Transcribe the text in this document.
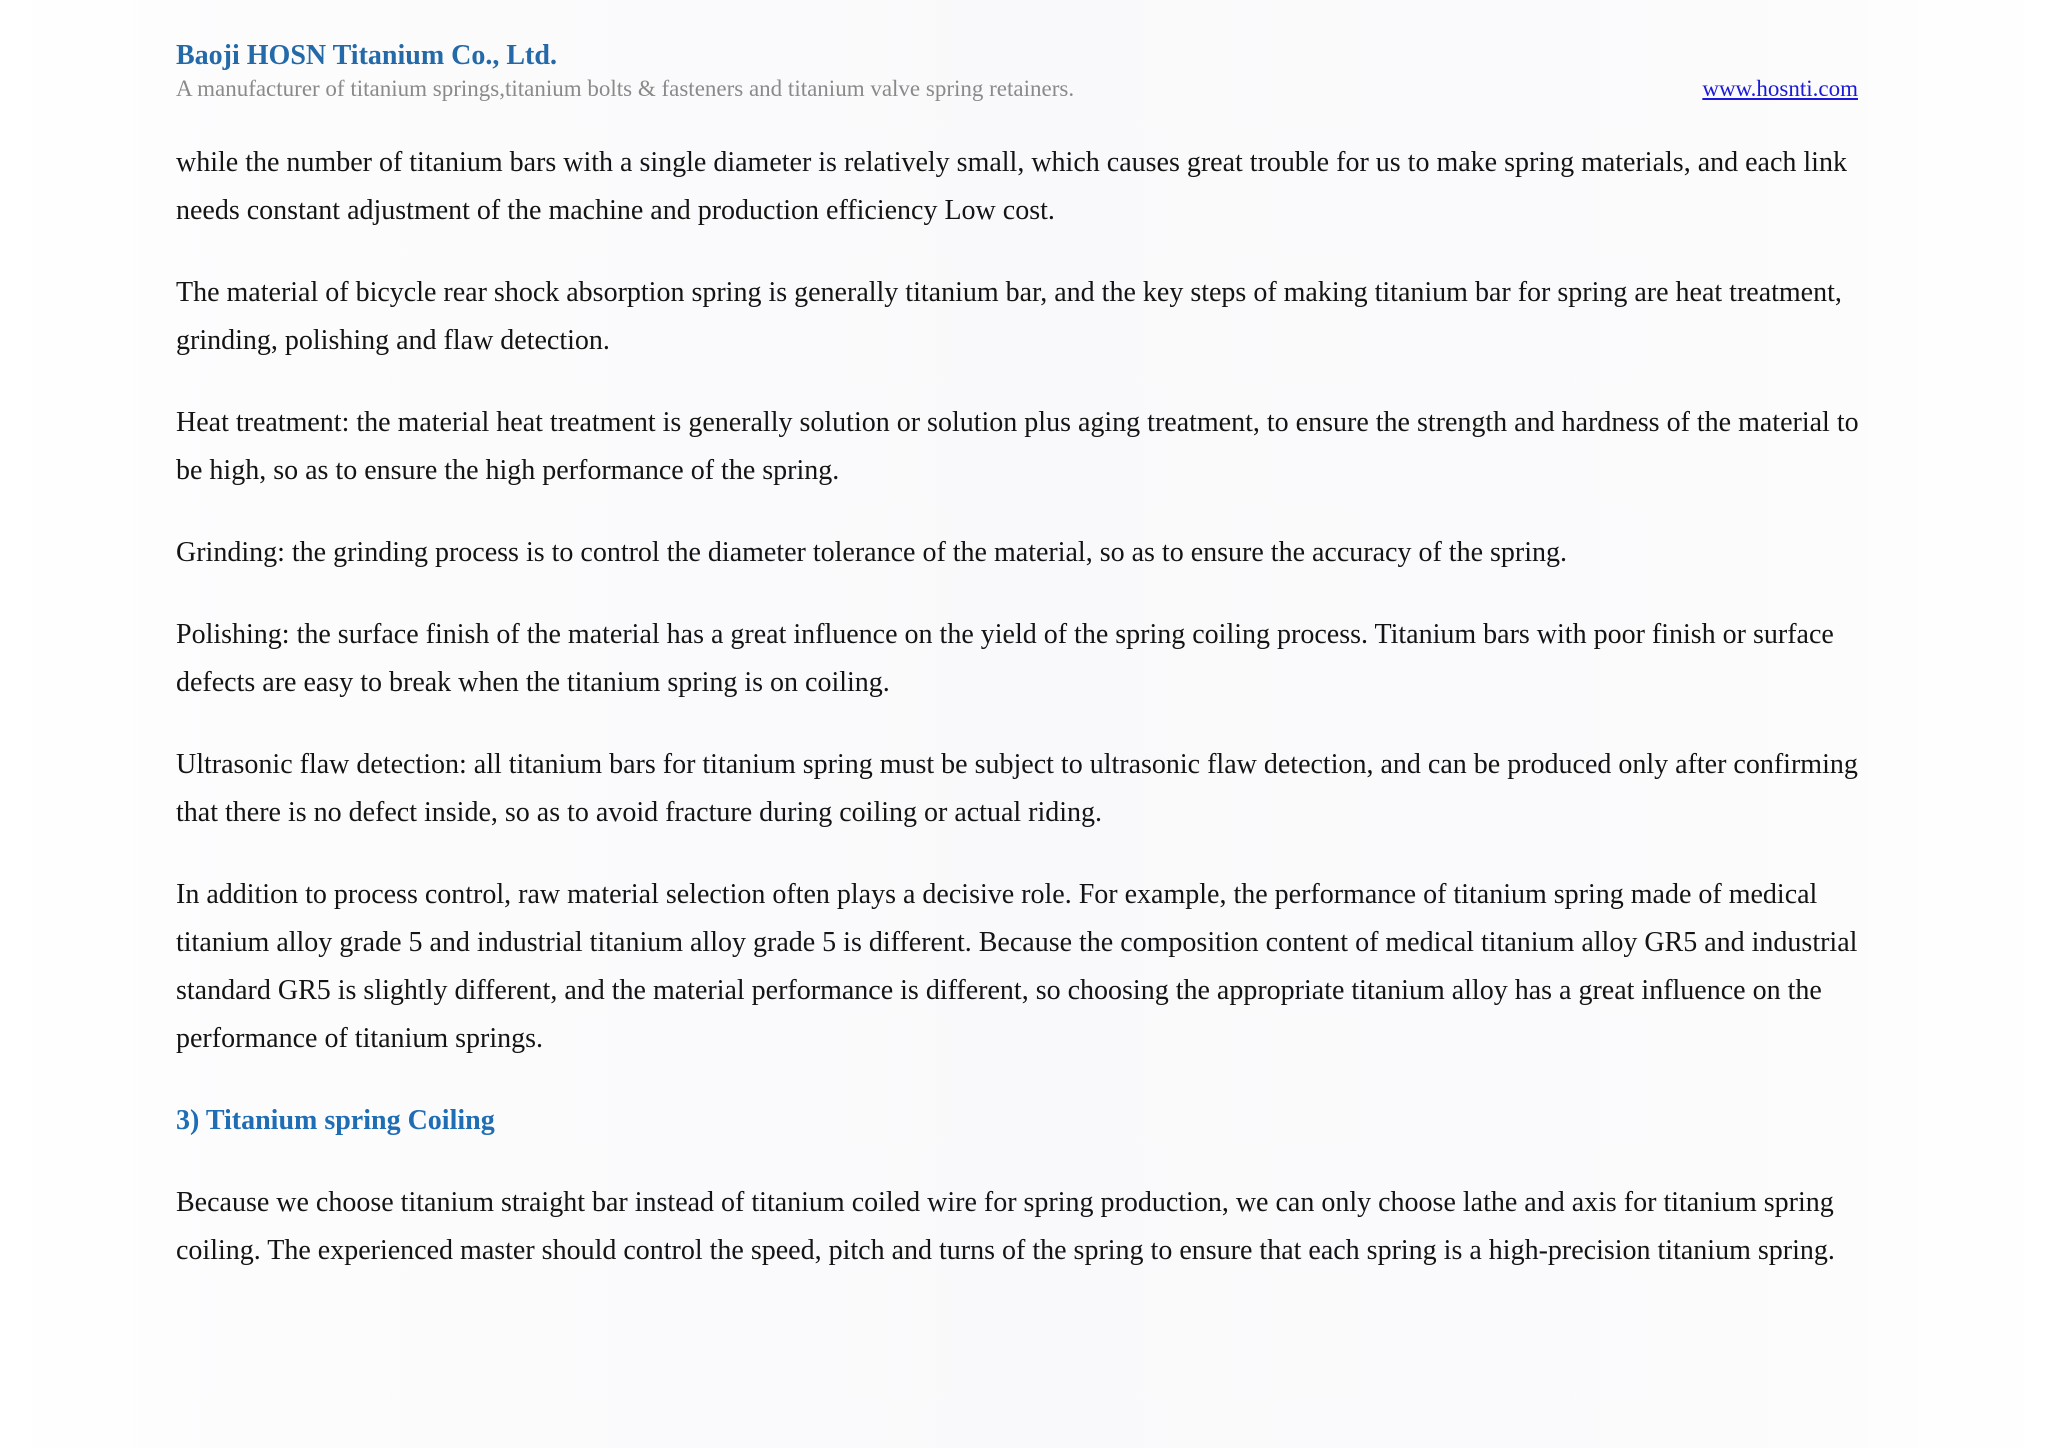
Baoji HOSN Titanium Co., Ltd.
A manufacturer of titanium springs,titanium bolts & fasteners and titanium valve spring retainers.	www.hosnti.com

while the number of titanium bars with a single diameter is relatively small, which causes great trouble for us to make spring materials, and each link needs constant adjustment of the machine and production efficiency Low cost.

The material of bicycle rear shock absorption spring is generally titanium bar, and the key steps of making titanium bar for spring are heat treatment, grinding, polishing and flaw detection.

Heat treatment: the material heat treatment is generally solution or solution plus aging treatment, to ensure the strength and hardness of the material to be high, so as to ensure the high performance of the spring.

Grinding: the grinding process is to control the diameter tolerance of the material, so as to ensure the accuracy of the spring.

Polishing: the surface finish of the material has a great influence on the yield of the spring coiling process. Titanium bars with poor finish or surface defects are easy to break when the titanium spring is on coiling.

Ultrasonic flaw detection: all titanium bars for titanium spring must be subject to ultrasonic flaw detection, and can be produced only after confirming that there is no defect inside, so as to avoid fracture during coiling or actual riding.

In addition to process control, raw material selection often plays a decisive role. For example, the performance of titanium spring made of medical titanium alloy grade 5 and industrial titanium alloy grade 5 is different. Because the composition content of medical titanium alloy GR5 and industrial standard GR5 is slightly different, and the material performance is different, so choosing the appropriate titanium alloy has a great influence on the performance of titanium springs.

3) Titanium spring Coiling

Because we choose titanium straight bar instead of titanium coiled wire for spring production, we can only choose lathe and axis for titanium spring coiling. The experienced master should control the speed, pitch and turns of the spring to ensure that each spring is a high-precision titanium spring.
